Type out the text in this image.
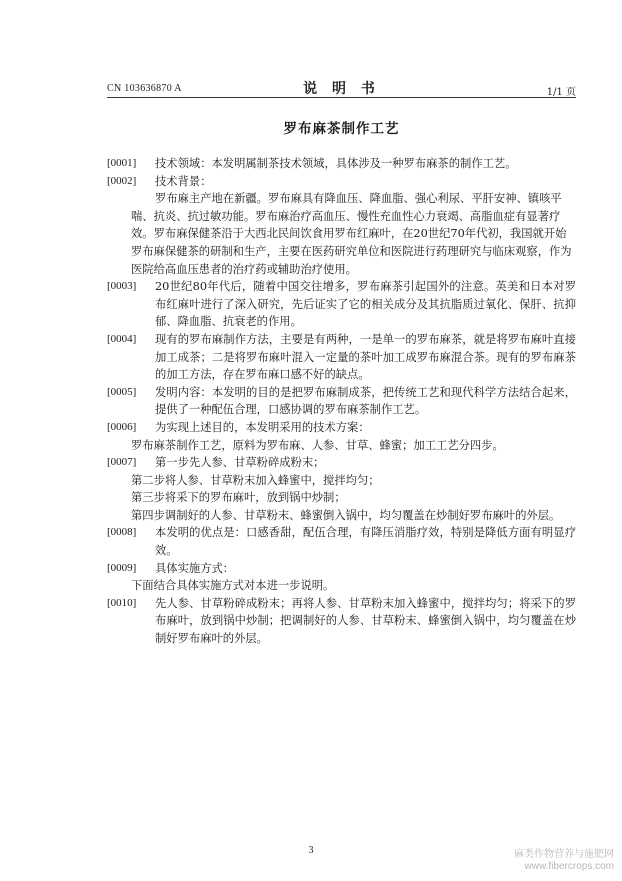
CN 103636870 A	说 明 书	1/1 页
罗布麻茶制作工艺

[0001] 技术领域：本发明属制茶技术领域，具体涉及一种罗布麻茶的制作工艺。

[0002] 技术背景：

罗布麻主产地在新疆。罗布麻具有降血压、降血脂、强心利尿、平肝安神、镇咳平喘、抗炎、抗过敏功能。罗布麻治疗高血压、慢性充血性心力衰竭、高脂血症有显著疗效。罗布麻保健茶沿于大西北民间饮食用罗布红麻叶，在20世纪70年代初，我国就开始罗布麻保健茶的研制和生产，主要在医药研究单位和医院进行药理研究与临床观察，作为医院给高血压患者的治疗药或辅助治疗使用。

[0003] 20世纪80年代后，随着中国交往增多，罗布麻茶引起国外的注意。英美和日本对罗布红麻叶进行了深入研究，先后证实了它的相关成分及其抗脂质过氧化、保肝、抗抑郁、降血脂、抗衰老的作用。

[0004] 现有的罗布麻制作方法，主要是有两种，一是单一的罗布麻茶，就是将罗布麻叶直接加工成茶；二是将罗布麻叶混入一定量的茶叶加工成罗布麻混合茶。现有的罗布麻茶的加工方法，存在罗布麻口感不好的缺点。

[0005] 发明内容：本发明的目的是把罗布麻制成茶，把传统工艺和现代科学方法结合起来，提供了一种配伍合理，口感协调的罗布麻茶制作工艺。

[0006] 为实现上述目的，本发明采用的技术方案：

罗布麻茶制作工艺，原料为罗布麻、人参、甘草、蜂蜜；加工工艺分四步。

[0007] 第一步先人参、甘草粉碎成粉末；

第二步将人参、甘草粉末加入蜂蜜中，搅拌均匀；
第三步将采下的罗布麻叶，放到锅中炒制；
第四步调制好的人参、甘草粉末、蜂蜜倒入锅中，均匀覆盖在炒制好罗布麻叶的外层。

[0008] 本发明的优点是：口感香甜，配伍合理，有降压消脂疗效，特别是降低方面有明显疗效。

[0009] 具体实施方式：

下面结合具体实施方式对本进一步说明。

[0010] 先人参、甘草粉碎成粉末；再将人参、甘草粉末加入蜂蜜中，搅拌均匀；将采下的罗布麻叶，放到锅中炒制；把调制好的人参、甘草粉末、蜂蜜倒入锅中，均匀覆盖在炒制好罗布麻叶的外层。

3	麻类作物营养与施肥网
www.fibercrops.com
